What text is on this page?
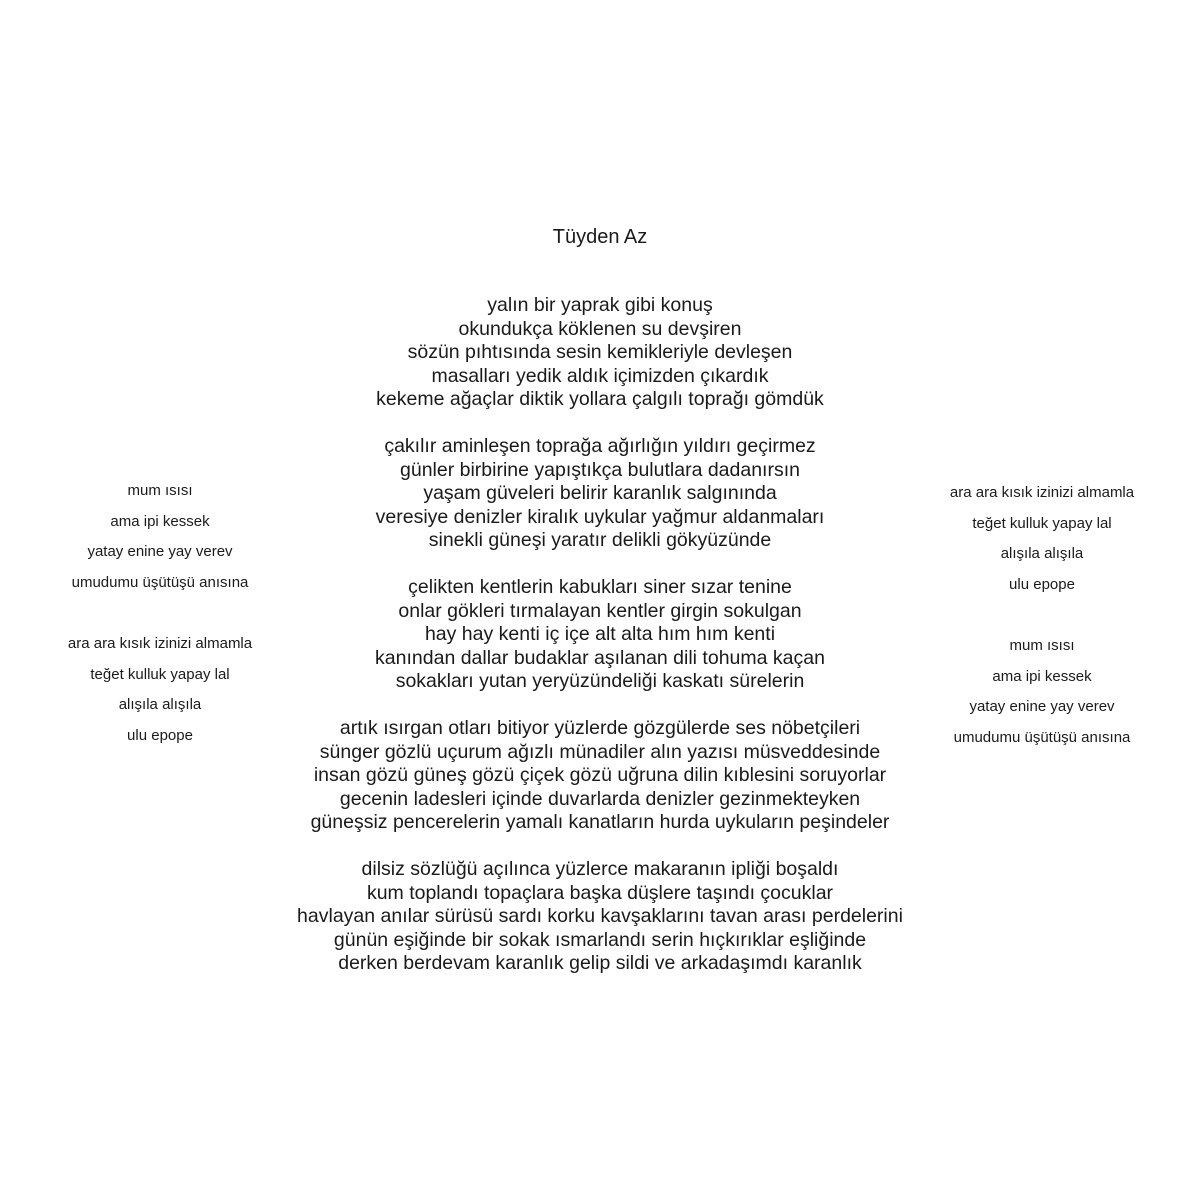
Tüyden Az
yalın bir yaprak gibi konuş
okundukça köklenen su devşiren
sözün pıhtısında sesin kemikleriyle devleşen
masalları yedik aldık içimizden çıkardık
kekeme ağaçlar diktik yollara çalgılı toprağı gömdük
çakılır aminleşen toprağa ağırlığın yıldırı geçirmez
günler birbirine yapıştıkça bulutlara dadanırsın
yaşam güveleri belirir karanlık salgınında
veresiye denizler kiralık uykular yağmur aldanmaları
sinekli güneşi yaratır delikli gökyüzünde
çelikten kentlerin kabukları siner sızar tenine
onlar gökleri tırmalayan kentler girgin sokulgan
hay hay kenti iç içe alt alta hım hım kenti
kanından dallar budaklar aşılanan dili tohuma kaçan
sokakları yutan yeryüzündeliği kaskatı sürelerin
artık ısırgan otları bitiyor yüzlerde gözgülerde ses nöbetçileri
sünger gözlü uçurum ağızlı münadiler alın yazısı müsveddesinde
insan gözü güneş gözü çiçek gözü uğruna dilin kıblesini soruyorlar
gecenin ladesleri içinde duvarlarda denizler gezinmekteyken
güneşsiz pencerelerin yamalı kanatların hurda uykuların peşindeler
dilsiz sözlüğü açılınca yüzlerce makaranın ipliği boşaldı
kum toplandı topaçlara başka düşlere taşındı çocuklar
havlayan anılar sürüsü sardı korku kavşaklarını tavan arası perdelerini
günün eşiğinde bir sokak ısmarlandı serin hıçkırıklar eşliğinde
derken berdevam karanlık gelip sildi ve arkadaşımdı karanlık
mum ısısı
ama ipi kessek
yatay enine yay verev
umudumu üşütüşü anısına
ara ara kısık izinizi almamla
teğet kulluk yapay lal
alışıla alışıla
ulu epope
ara ara kısık izinizi almamla
teğet kulluk yapay lal
alışıla alışıla
ulu epope
mum ısısı
ama ipi kessek
yatay enine yay verev
umudumu üşütüşü anısına
